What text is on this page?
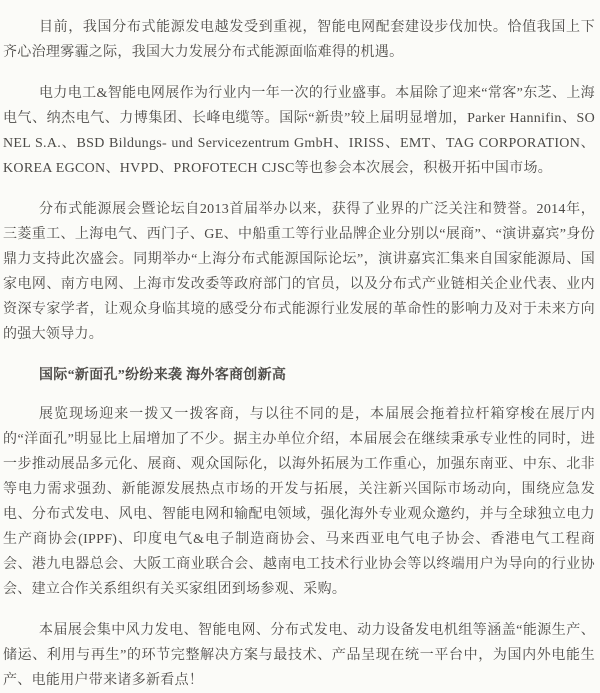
目前，我国分布式能源发电越发受到重视，智能电网配套建设步伐加快。恰值我国上下齐心治理雾霾之际，我国大力发展分布式能源面临难得的机遇。

电力电工&智能电网展作为行业内一年一次的行业盛事。本届除了迎来“常客”东芝、上海电气、纳杰电气、力博集团、长峰电缆等。国际“新贵”较上届明显增加，Parker Hannifin、SONEL S.A.、BSD Bildungs- und Servicezentrum GmbH、IRISS、EMT、TAG CORPORATION、KOREA EGCON、HVPD、PROFOTECH CJSC等也参会本次展会，积极开拓中国市场。

分布式能源展会暨论坛自2013首届举办以来，获得了业界的广泛关注和赞誉。2014年，三菱重工、上海电气、西门子、GE、中船重工等行业品牌企业分别以“展商”、“演讲嘉宾”身份鼎力支持此次盛会。同期举办“上海分布式能源国际论坛”，演讲嘉宾汇集来自国家能源局、国家电网、南方电网、上海市发改委等政府部门的官员，以及分布式产业链相关企业代表、业内资深专家学者，让观众身临其境的感受分布式能源行业发展的革命性的影响力及对于未来方向的强大领导力。

国际“新面孔”纷纷来袭 海外客商创新高

展览现场迎来一拨又一拨客商，与以往不同的是，本届展会拖着拉杆箱穿梭在展厅内的“洋面孔”明显比上届增加了不少。据主办单位介绍，本届展会在继续秉承专业性的同时，进一步推动展品多元化、展商、观众国际化，以海外拓展为工作重心，加强东南亚、中东、北非等电力需求强劲、新能源发展热点市场的开发与拓展，关注新兴国际市场动向，围绕应急发电、分布式发电、风电、智能电网和输配电领域，强化海外专业观众邀约，并与全球独立电力生产商协会(IPPF)、印度电气&电子制造商协会、马来西亚电气电子协会、香港电气工程商会、港九电器总会、大阪工商业联合会、越南电工技术行业协会等以终端用户为导向的行业协会、建立合作关系组织有关买家组团到场参观、采购。

本届展会集中风力发电、智能电网、分布式发电、动力设备发电机组等涵盖“能源生产、储运、利用与再生”的环节完整解决方案与最技术、产品呈现在统一平台中，为国内外电能生产、电能用户带来诸多新看点！
